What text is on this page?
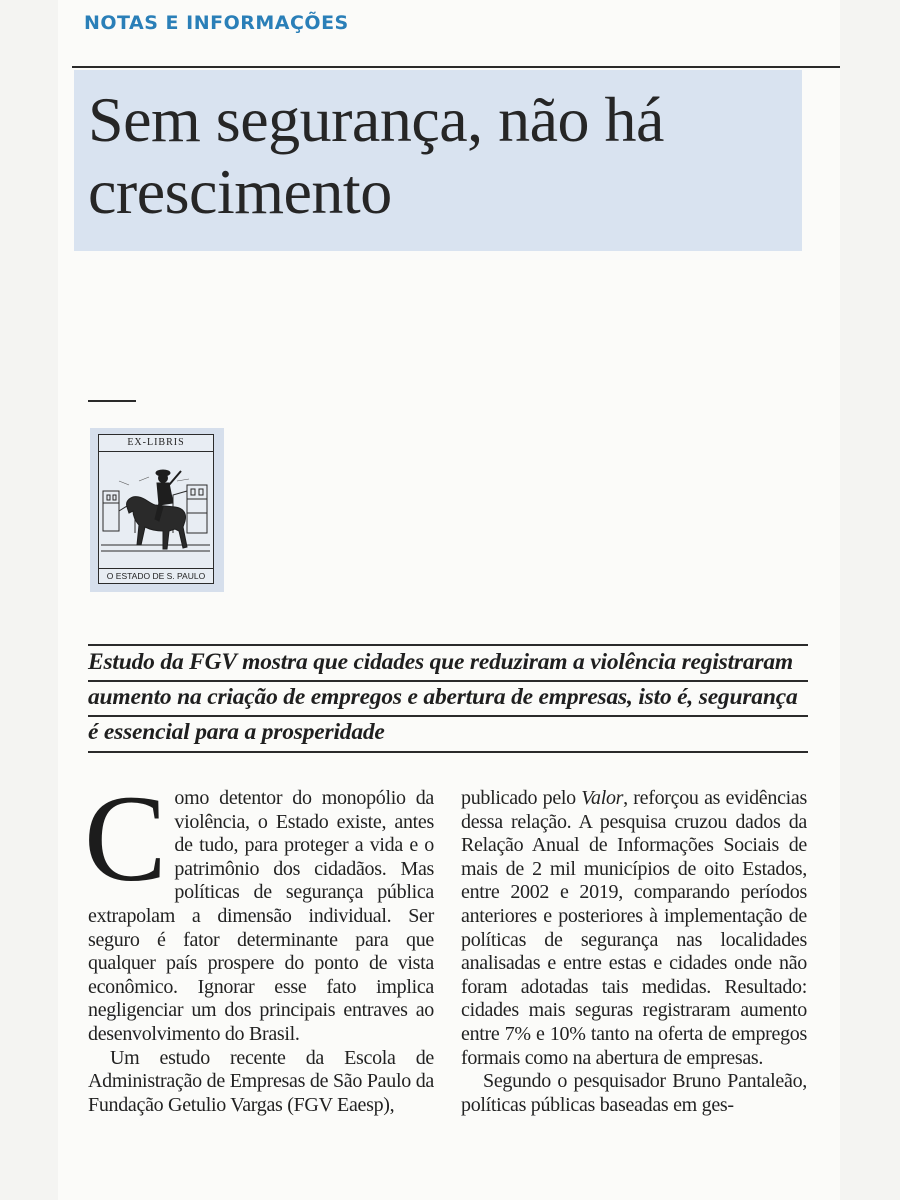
NOTAS E INFORMAÇÕES
Sem segurança, não há crescimento
EX-LIBRIS
O ESTADO DE S. PAULO

Estudo da FGV mostra que cidades que reduziram a violência registraram aumento na criação de empregos e abertura de empresas, isto é, segurança é essencial para a prosperidade

Como detentor do monopólio da violência, o Estado existe, antes de tudo, para proteger a vida e o patrimônio dos cidadãos. Mas políticas de segurança pública extrapolam a dimensão individual. Ser seguro é fator determinante para que qualquer país prospere do ponto de vista econômico. Ignorar esse fato implica negligenciar um dos principais entraves ao desenvolvimento do Brasil.

Um estudo recente da Escola de Administração de Empresas de São Paulo da Fundação Getulio Vargas (FGV Eaesp),

publicado pelo Valor, reforçou as evidências dessa relação. A pesquisa cruzou dados da Relação Anual de Informações Sociais de mais de 2 mil municípios de oito Estados, entre 2002 e 2019, comparando períodos anteriores e posteriores à implementação de políticas de segurança nas localidades analisadas e entre estas e cidades onde não foram adotadas tais medidas. Resultado: cidades mais seguras registraram aumento entre 7% e 10% tanto na oferta de empregos formais como na abertura de empresas.

Segundo o pesquisador Bruno Pantaleão, políticas públicas baseadas em ges-
